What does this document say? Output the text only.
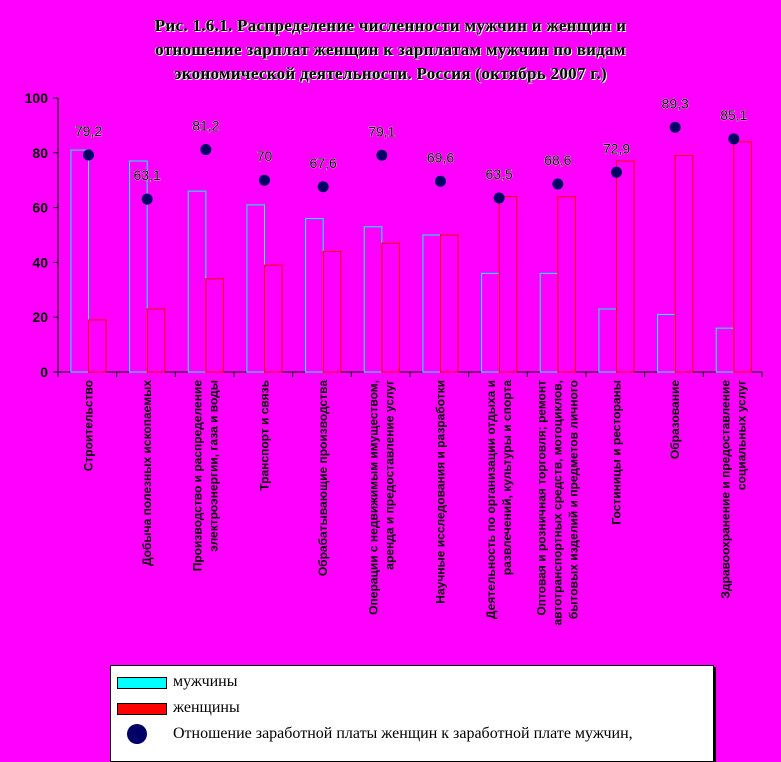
Рис. 1.6.1. Распределение численности мужчин и женщин и
отношение зарплат женщин к зарплатам мужчин по видам
экономической деятельности. Россия (октябрь 2007 г.)
0
20
40
60
80
100
79,2
Строительство
63,1
Добыча полезных ископаемых
81,2
Производство и распределение электроэнергии, газа и воды
70
Транспорт и связь
67,6
Обрабатывающие производства
79,1
Операции с недвижимым имуществом, аренда и предоставление услуг
69,6
Научные исследования и разработки
63,5
Деятельность по организации отдыха и развлечений, культуры и спорта
68,6
Оптовая и розничная торговля; ремонт автотранспортных средств, мотоциклов, бытовых изделий и предметов личного
72,9
Гостиницы и рестораны
89,3
Образование
85,1
Здравоохранение и предоставление социальных услуг
мужчины
женщины
Отношение заработной платы женщин к заработной плате мужчин,
